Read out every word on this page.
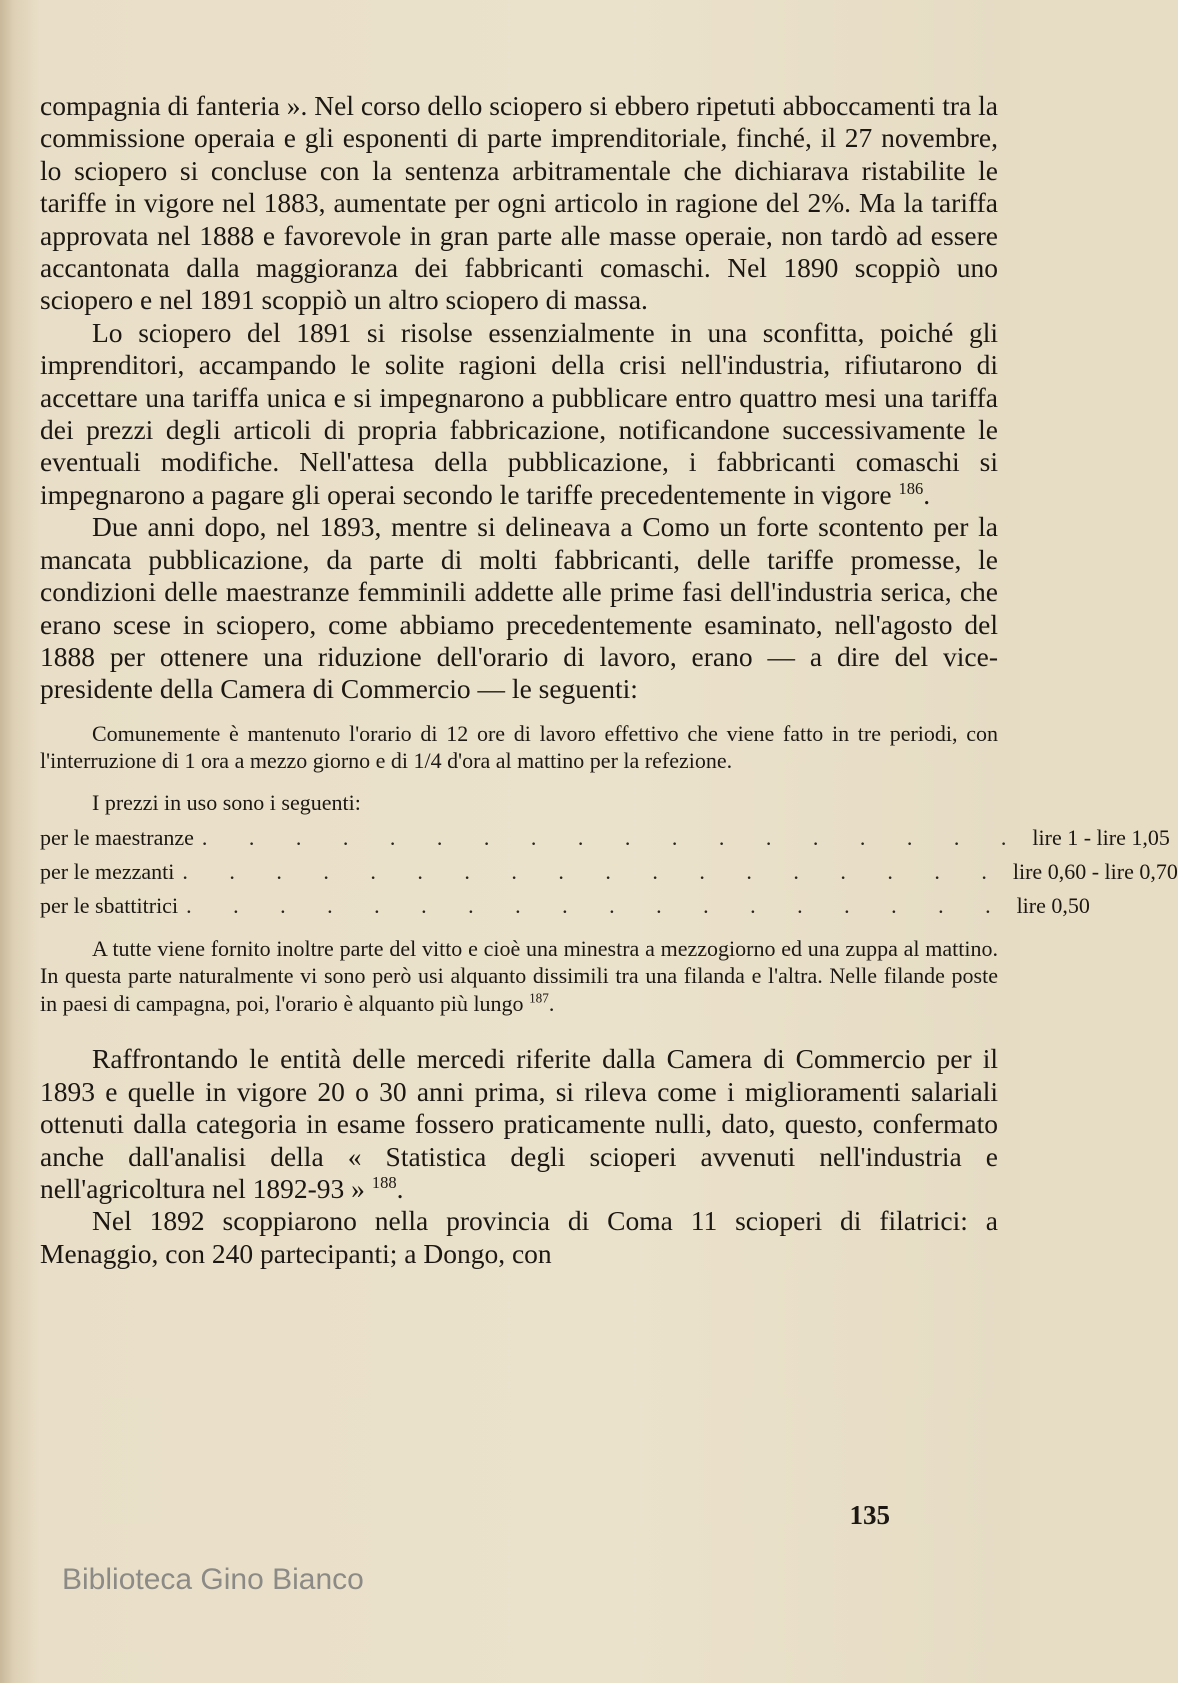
compagnia di fanteria ». Nel corso dello sciopero si ebbero ripetuti abboccamenti tra la commissione operaia e gli esponenti di parte imprenditoriale, finché, il 27 novembre, lo sciopero si concluse con la sentenza arbitramentale che dichiarava ristabilite le tariffe in vigore nel 1883, aumentate per ogni articolo in ragione del 2%. Ma la tariffa approvata nel 1888 e favorevole in gran parte alle masse operaie, non tardò ad essere accantonata dalla maggioranza dei fabbricanti comaschi. Nel 1890 scoppiò uno sciopero e nel 1891 scoppiò un altro sciopero di massa.

Lo sciopero del 1891 si risolse essenzialmente in una sconfitta, poiché gli imprenditori, accampando le solite ragioni della crisi nell'industria, rifiutarono di accettare una tariffa unica e si impegnarono a pubblicare entro quattro mesi una tariffa dei prezzi degli articoli di propria fabbricazione, notificandone successivamente le eventuali modifiche. Nell'attesa della pubblicazione, i fabbricanti comaschi si impegnarono a pagare gli operai secondo le tariffe precedentemente in vigore $^{186}$.

Due anni dopo, nel 1893, mentre si delineava a Como un forte scontento per la mancata pubblicazione, da parte di molti fabbricanti, delle tariffe promesse, le condizioni delle maestranze femminili addette alle prime fasi dell'industria serica, che erano scese in sciopero, come abbiamo precedentemente esaminato, nell'agosto del 1888 per ottenere una riduzione dell'orario di lavoro, erano — a dire del vice-presidente della Camera di Commercio — le seguenti:

Comunemente è mantenuto l'orario di 12 ore di lavoro effettivo che viene fatto in tre periodi, con l'interruzione di 1 ora a mezzo giorno e di 1/4 d'ora al mattino per la refezione.

I prezzi in uso sono i seguenti:

per le maestranze . . . . . . . . . . . . . . . . . . lire 1 - lire 1,05
per le mezzanti . . . . . . . . . . . . . . . . . . lire 0,60 - lire 0,70
per le sbattitrici . . . . . . . . . . . . . . . . . . lire 0,50

A tutte viene fornito inoltre parte del vitto e cioè una minestra a mezzogiorno ed una zuppa al mattino. In questa parte naturalmente vi sono però usi alquanto dissimili tra una filanda e l'altra. Nelle filande poste in paesi di campagna, poi, l'orario è alquanto più lungo $^{187}$.

Raffrontando le entità delle mercedi riferite dalla Camera di Commercio per il 1893 e quelle in vigore 20 o 30 anni prima, si rileva come i miglioramenti salariali ottenuti dalla categoria in esame fossero praticamente nulli, dato, questo, confermato anche dall'analisi della « Statistica degli scioperi avvenuti nell'industria e nell'agricoltura nel 1892-93 » $^{188}$.

Nel 1892 scoppiarono nella provincia di Coma 11 scioperi di filatrici: a Menaggio, con 240 partecipanti; a Dongo, con

135
Biblioteca Gino Bianco
